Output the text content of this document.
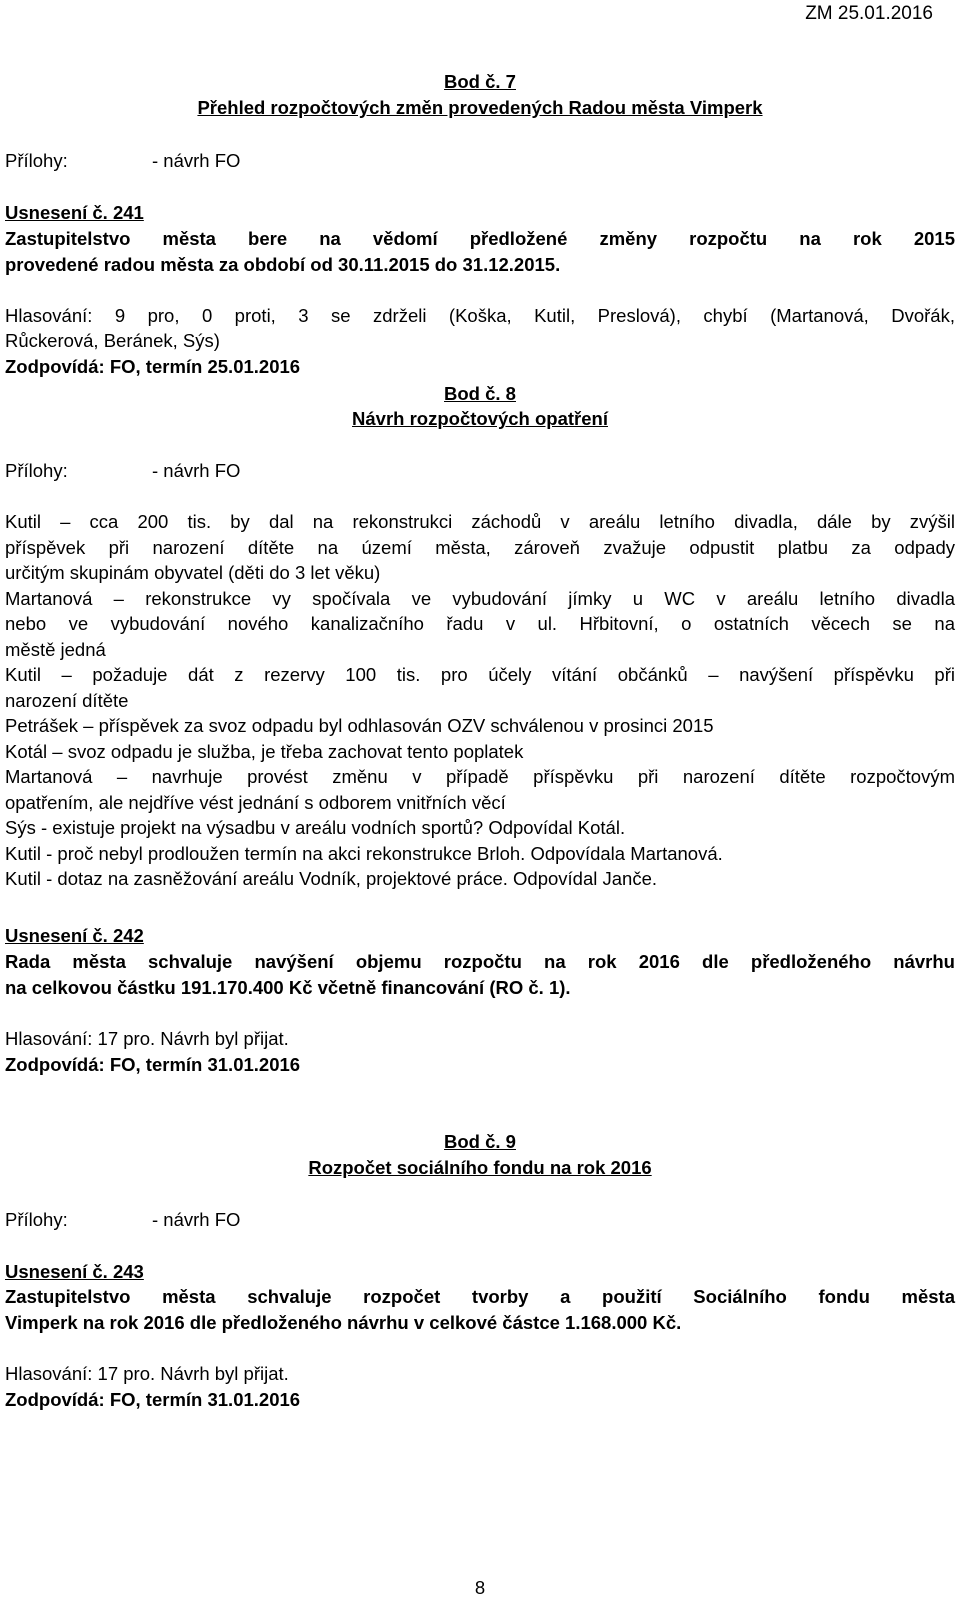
ZM 25.01.2016
Bod č. 7
Přehled rozpočtových změn provedených Radou města Vimperk
Přílohy:	- návrh FO
Usnesení č. 241
Zastupitelstvo města bere na vědomí předložené změny rozpočtu na rok 2015
provedené radou města za období od 30.11.2015 do 31.12.2015.
Hlasování: 9 pro, 0 proti, 3 se zdrželi (Koška, Kutil, Preslová), chybí (Martanová, Dvořák,
Růckerová, Beránek, Sýs)
Zodpovídá: FO, termín 25.01.2016
Bod č. 8
Návrh rozpočtových opatření
Přílohy:	- návrh FO
Kutil – cca 200 tis. by dal na rekonstrukci záchodů v areálu letního divadla, dále by zvýšil

příspěvek při narození dítěte na území města, zároveň zvažuje odpustit platbu za odpady

určitým skupinám obyvatel (děti do 3 let věku)

Martanová – rekonstrukce vy spočívala ve vybudování jímky u WC v areálu letního divadla

nebo ve vybudování nového kanalizačního řadu v ul. Hřbitovní, o ostatních věcech se na

městě jedná

Kutil – požaduje dát z rezervy 100 tis. pro účely vítání občánků – navýšení příspěvku při

narození dítěte

Petrášek – příspěvek za svoz odpadu byl odhlasován OZV schválenou v prosinci 2015

Kotál – svoz odpadu je služba, je třeba zachovat tento poplatek

Martanová – navrhuje provést změnu v případě příspěvku při narození dítěte rozpočtovým

opatřením, ale nejdříve vést jednání s odborem vnitřních věcí

Sýs - existuje projekt na výsadbu v areálu vodních sportů? Odpovídal Kotál.

Kutil - proč nebyl prodloužen termín na akci rekonstrukce Brloh. Odpovídala Martanová.

Kutil - dotaz na zasněžování areálu Vodník, projektové práce. Odpovídal Janče.

Usnesení č. 242
Rada města schvaluje navýšení objemu rozpočtu na rok 2016 dle předloženého návrhu
na celkovou částku 191.170.400 Kč včetně financování (RO č. 1).
Hlasování: 17 pro. Návrh byl přijat.
Zodpovídá: FO, termín 31.01.2016
Bod č. 9
Rozpočet sociálního fondu na rok 2016
Přílohy:	- návrh FO
Usnesení č. 243
Zastupitelstvo města schvaluje rozpočet tvorby a použití Sociálního fondu města
Vimperk na rok 2016 dle předloženého návrhu v celkové částce 1.168.000 Kč.
Hlasování: 17 pro. Návrh byl přijat.
Zodpovídá: FO, termín 31.01.2016
8
